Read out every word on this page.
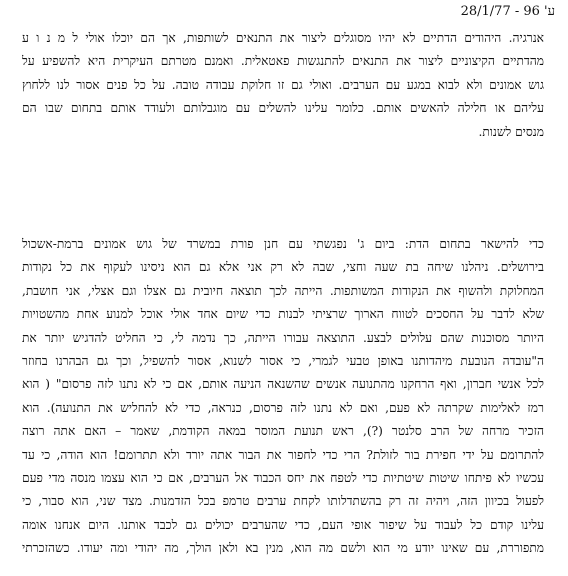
28/1/77 - ע' 96
אנרגיה. היהודים הדתיים לא יהיו מסוגלים ליצור את התנאים לשותפות, אך הם יוכלו אולי ל מ נ ו ע
מהדתיים הקיצוניים ליצור את התנאים להתנגשות פאטאלית. ואמנם מטרתם העיקרית היא להשפיע על
גוש אמונים ולא לבוא במגע עם הערבים. ואולי גם זו חלוקת עבודה טובה. על כל פנים אסור לנו ללחוץ
עליהם או חלילה להאשים אותם. כלומר עלינו להשלים עם מוגבלותם ולעודד אותם בתחום שבו הם
מנסים לשנות.
כדי להישאר בתחום הדת: ביום ג' נפגשתי עם חנן פורת במשרד של גוש אמונים ברמת-אשכול
בירושלים. ניהלנו שיחה בת שעה וחצי, שבה לא רק אני אלא גם הוא ניסינו לעקוף את כל נקודות
המחלוקת ולהשוף את הנקודות המשותפות. הייתה לכך תוצאה חיובית גם אצלו וגם אצלי, אני חושבת,
שלא לדבר על החסכים לטווח הארוך שרציתי לבנות כדי שיום אחד אולי אוכל למנוע אחת מהשטויות
היותר מסוכנות שהם עלולים לבצע. התוצאה עבורו הייתה, כך נדמה לי, כי החליט להדגיש יותר את
ה"עובדה הנובעת מיהדותנו באופן טבעי לגמרי, כי אסור לשנוא, אסור להשפיל, וכך גם הבהרנו בחוזר
לכל אנשי חברון, ואף הרחקנו מהתנועה אנשים שהשנאה הניעה אותם, אם כי לא נתנו לזה פרסום" ( הוא
רמז לאלימות שקרתה לא פעם, ואם לא נתנו לזה פרסום, כנראה, כדי לא להחליש את התנועה). הוא
הזכיר מרחה של הרב סלנטר (?), ראש תנועת המוסר במאה הקודמת, שאמר – האם אתה רוצה
להתרומם על ידי חפירת בור לזולת? הרי כדי לחפור את הבור אתה יורד ולא תתרומם! הוא הודה, כי עד
עכשיו לא פיתחו שיטות שיטתיות כדי לטפח את יחס הכבוד אל הערבים, אם כי הוא עצמו מנסה מדי פעם
לפעול בכיוון הזה, ויהיה זה רק בהשתדלותו לקחת ערבים טרמפ בכל הזדמנות. מצד שני, הוא סבור, כי
עלינו קודם כל לעבוד על שיפור אופי העם, כדי שהערבים יכולים גם לכבד אותנו. היום אנחנו אומה
מתפוררת, עם שאינו יודע מי הוא ולשם מה הוא, מנין בא ולאן הולך, מה יהודי ומה יעודו. כשהזכרתי
